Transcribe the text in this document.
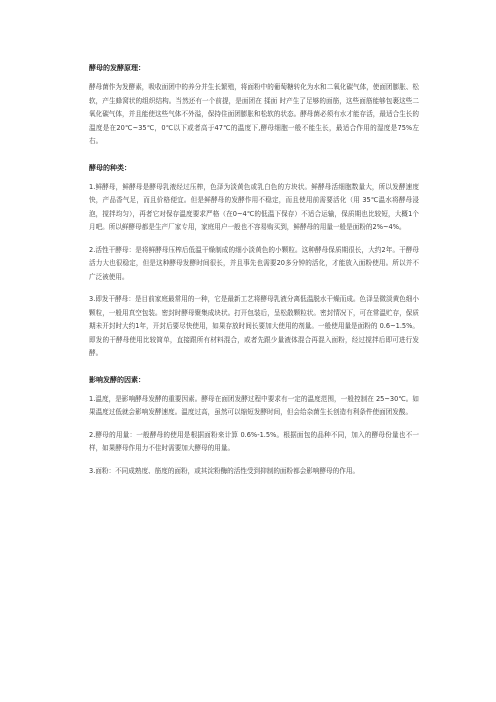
酵母的发酵原理：

酵母菌作为发酵素，吸收面团中的养分并生长繁殖，将面粉中的葡萄糖转化为水和二氧化碳气体，使面团膨胀、松软，产生蜂窝状的组织结构。当然还有一个前提，是面团在 揉面 时产生了足够的面筋，这些面筋能够包裹这些二氧化碳气体，并且能使这些气体不外溢，保持住面团膨胀和松软的状态。酵母菌必须有水才能存活，最适合生长的温度是在20℃~35℃，0℃以下或者高于47℃的温度下,酵母细胞一般不能生长，最适合作用的湿度是75%左右。

酵母的种类：

1.鲜酵母，鲜酵母是酵母乳液经过压榨，色泽为淡黄色或乳白色的方块状。鲜酵母活细胞数量大，所以发酵速度快，产品香气足，而且价格便宜。但是鲜酵母的发酵作用不稳定，而且使用前需要活化（用 35℃温水将酵母浸泡，搅拌均匀），再者它对保存温度要求严格（在0~4℃的低温下保存）不适合运输，保质期也比较短，大概1个月吧。所以鲜酵母都是生产厂家专用，家庭用户一般也不容易购买到，鲜酵母的用量一般是面粉的2%~4%。

2.活性干酵母：是将鲜酵母压榨后低温干燥制成的细小淡黄色的小颗粒。这种酵母保质期很长，大约2年。干酵母活力大也很稳定，但是这种酵母发酵时间很长，并且事先也需要20多分钟的活化，才能放入面粉使用。所以并不广泛被使用。

3.即发干酵母：是目前家庭最常用的一种，它是最新工艺将酵母乳液分离低温脱水干燥而成。色泽呈微淡黄色细小颗粒，一般用真空包装。密封时酵母聚集成块状。打开包装后，呈松散颗粒状。密封情况下，可在常温贮存，保质期未开封时大约1年，开封后要尽快使用，如果存放时间长要加大使用的剂量。一般使用量是面粉的 0.6~1.5%。即发的干酵母使用比较简单，直接跟所有材料混合，或者先跟少量液体混合再混入面粉，经过搅拌后即可进行发酵。

影响发酵的因素：

1.温度，是影响酵母发酵的重要因素。酵母在面团发酵过程中要求有一定的温度范围，一般控制在 25~30℃。如果温度过低就会影响发酵速度。温度过高，虽然可以缩短发酵时间，但会给杂菌生长创造有利条件使面团发酸。

2.酵母的用量：一般酵母的使用是根据面粉来计算 0.6%-1.5%。根据面包的品种不同，加入的酵母份量也不一样，如果酵母作用力不佳时需要加大酵母的用量。

3.面粉：不同成熟度、筋度的面粉，或其淀粉酶的活性受到抑制的面粉都会影响酵母的作用。
